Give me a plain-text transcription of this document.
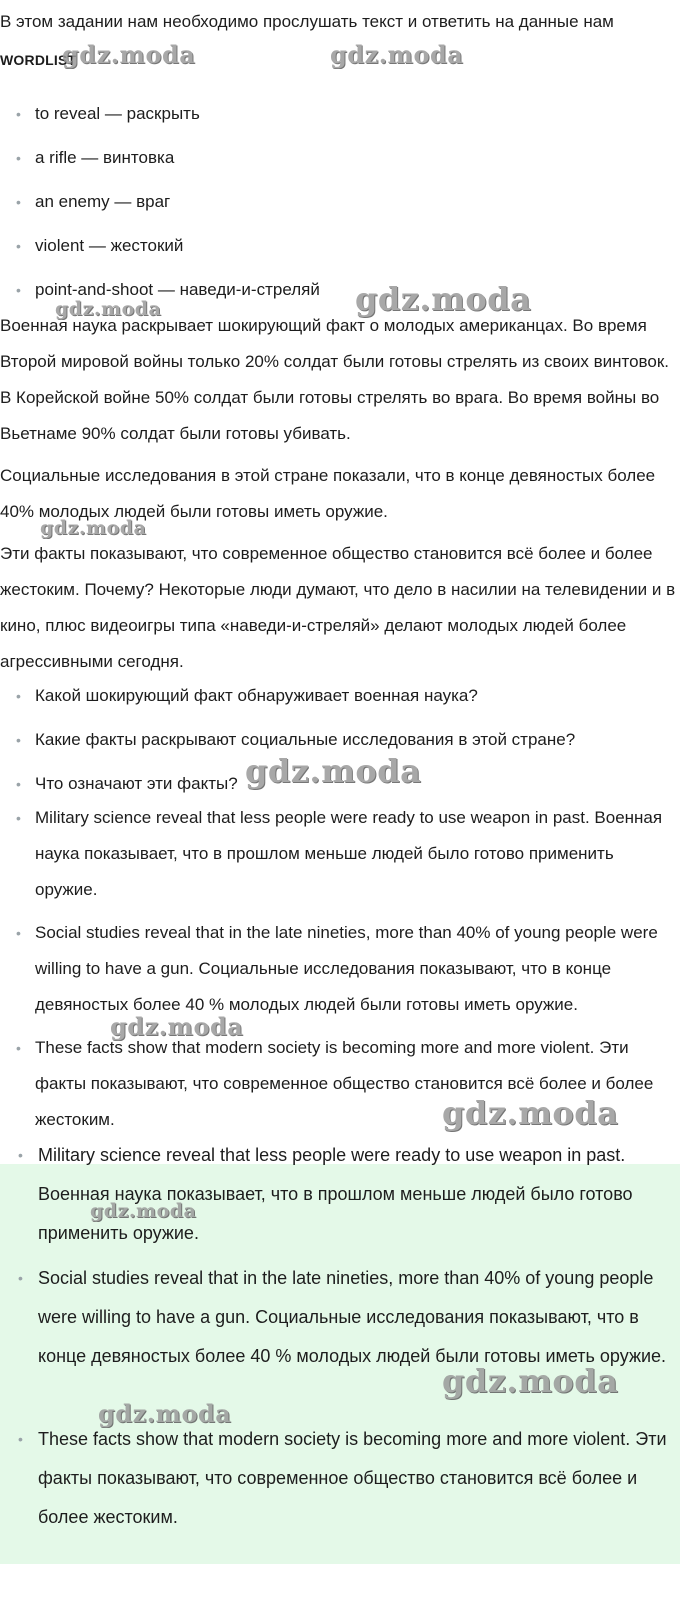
В этом задании нам необходимо прослушать текст и ответить на данные нам

WORDLIST
• to reveal — раскрыть
• a rifle — винтовка
• an enemy — враг
• violent — жестокий
• point-and-shoot — наведи-и-стреляй

Военная наука раскрывает шокирующий факт о молодых американцах. Во время Второй мировой войны только 20% солдат были готовы стрелять из своих винтовок. В Корейской войне 50% солдат были готовы стрелять во врага. Во время войны во Вьетнаме 90% солдат были готовы убивать.

Социальные исследования в этой стране показали, что в конце девяностых более 40% молодых людей были готовы иметь оружие.

Эти факты показывают, что современное общество становится всё более и более жестоким. Почему? Некоторые люди думают, что дело в насилии на телевидении и в кино, плюс видеоигры типа «наведи-и-стреляй» делают молодых людей более агрессивными сегодня.

• Какой шокирующий факт обнаруживает военная наука?
• Какие факты раскрывают социальные исследования в этой стране?
• Что означают эти факты?
• Military science reveal that less people were ready to use weapon in past. Военная наука показывает, что в прошлом меньше людей было готово применить оружие.
• Social studies reveal that in the late nineties, more than 40% of young people were willing to have a gun. Социальные исследования показывают, что в конце девяностых более 40 % молодых людей были готовы иметь оружие.
• These facts show that modern society is becoming more and more violent. Эти факты показывают, что современное общество становится всё более и более жестоким.
• Military science reveal that less people were ready to use weapon in past. Военная наука показывает, что в прошлом меньше людей было готово применить оружие.
• Social studies reveal that in the late nineties, more than 40% of young people were willing to have a gun. Социальные исследования показывают, что в конце девяностых более 40 % молодых людей были готовы иметь оружие.
• These facts show that modern society is becoming more and more violent. Эти факты показывают, что современное общество становится всё более и более жестоким.
gdz.moda	gdz.moda
gdz.moda
gdz.moda
gdz.moda
gdz.moda
gdz.moda
gdz.moda
gdz.moda
gdz.moda
gdz.moda
